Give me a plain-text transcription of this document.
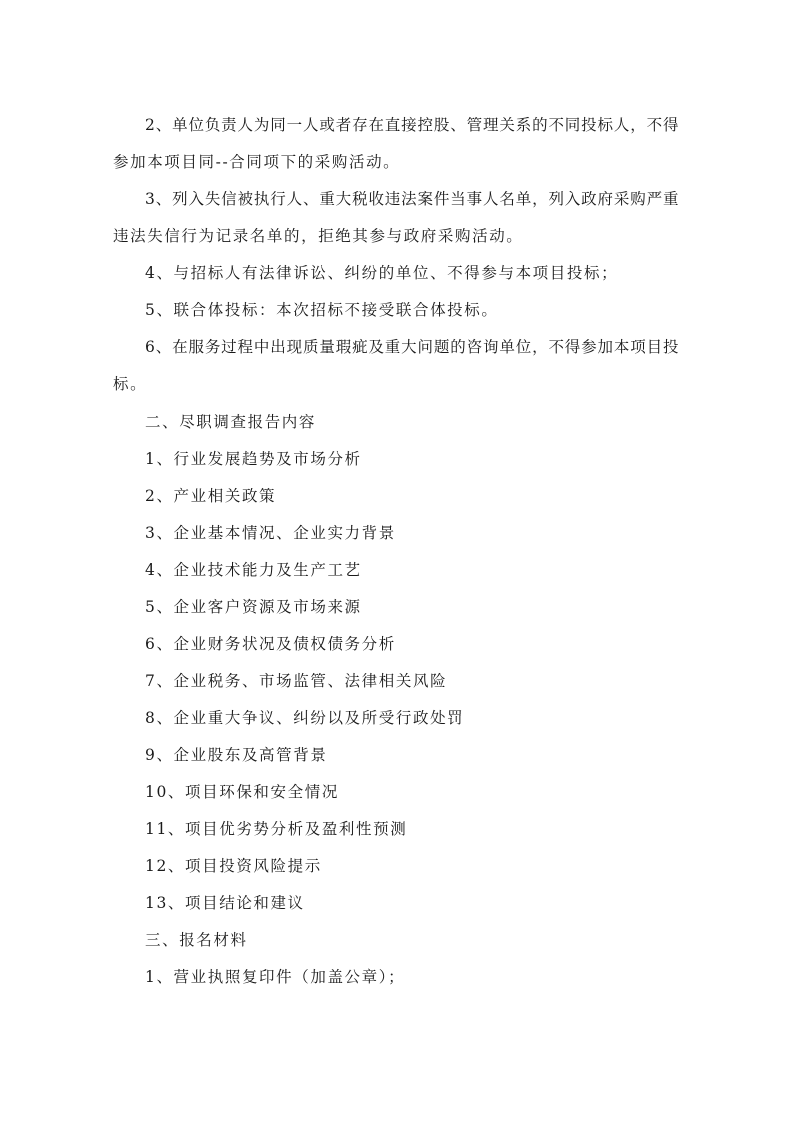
2、单位负责人为同一人或者存在直接控股、管理关系的不同投标人，不得
参加本项目同--合同项下的采购活动。
3、列入失信被执行人、重大税收违法案件当事人名单，列入政府采购严重
违法失信行为记录名单的，拒绝其参与政府采购活动。
4、与招标人有法律诉讼、纠纷的单位、不得参与本项目投标；
5、联合体投标：本次招标不接受联合体投标。
6、在服务过程中出现质量瑕疵及重大问题的咨询单位，不得参加本项目投
标。
二、尽职调查报告内容
1、行业发展趋势及市场分析
2、产业相关政策
3、企业基本情况、企业实力背景
4、企业技术能力及生产工艺
5、企业客户资源及市场来源
6、企业财务状况及债权债务分析
7、企业税务、市场监管、法律相关风险
8、企业重大争议、纠纷以及所受行政处罚
9、企业股东及高管背景
10、项目环保和安全情况
11、项目优劣势分析及盈利性预测
12、项目投资风险提示
13、项目结论和建议
三、报名材料
1、营业执照复印件（加盖公章）；
